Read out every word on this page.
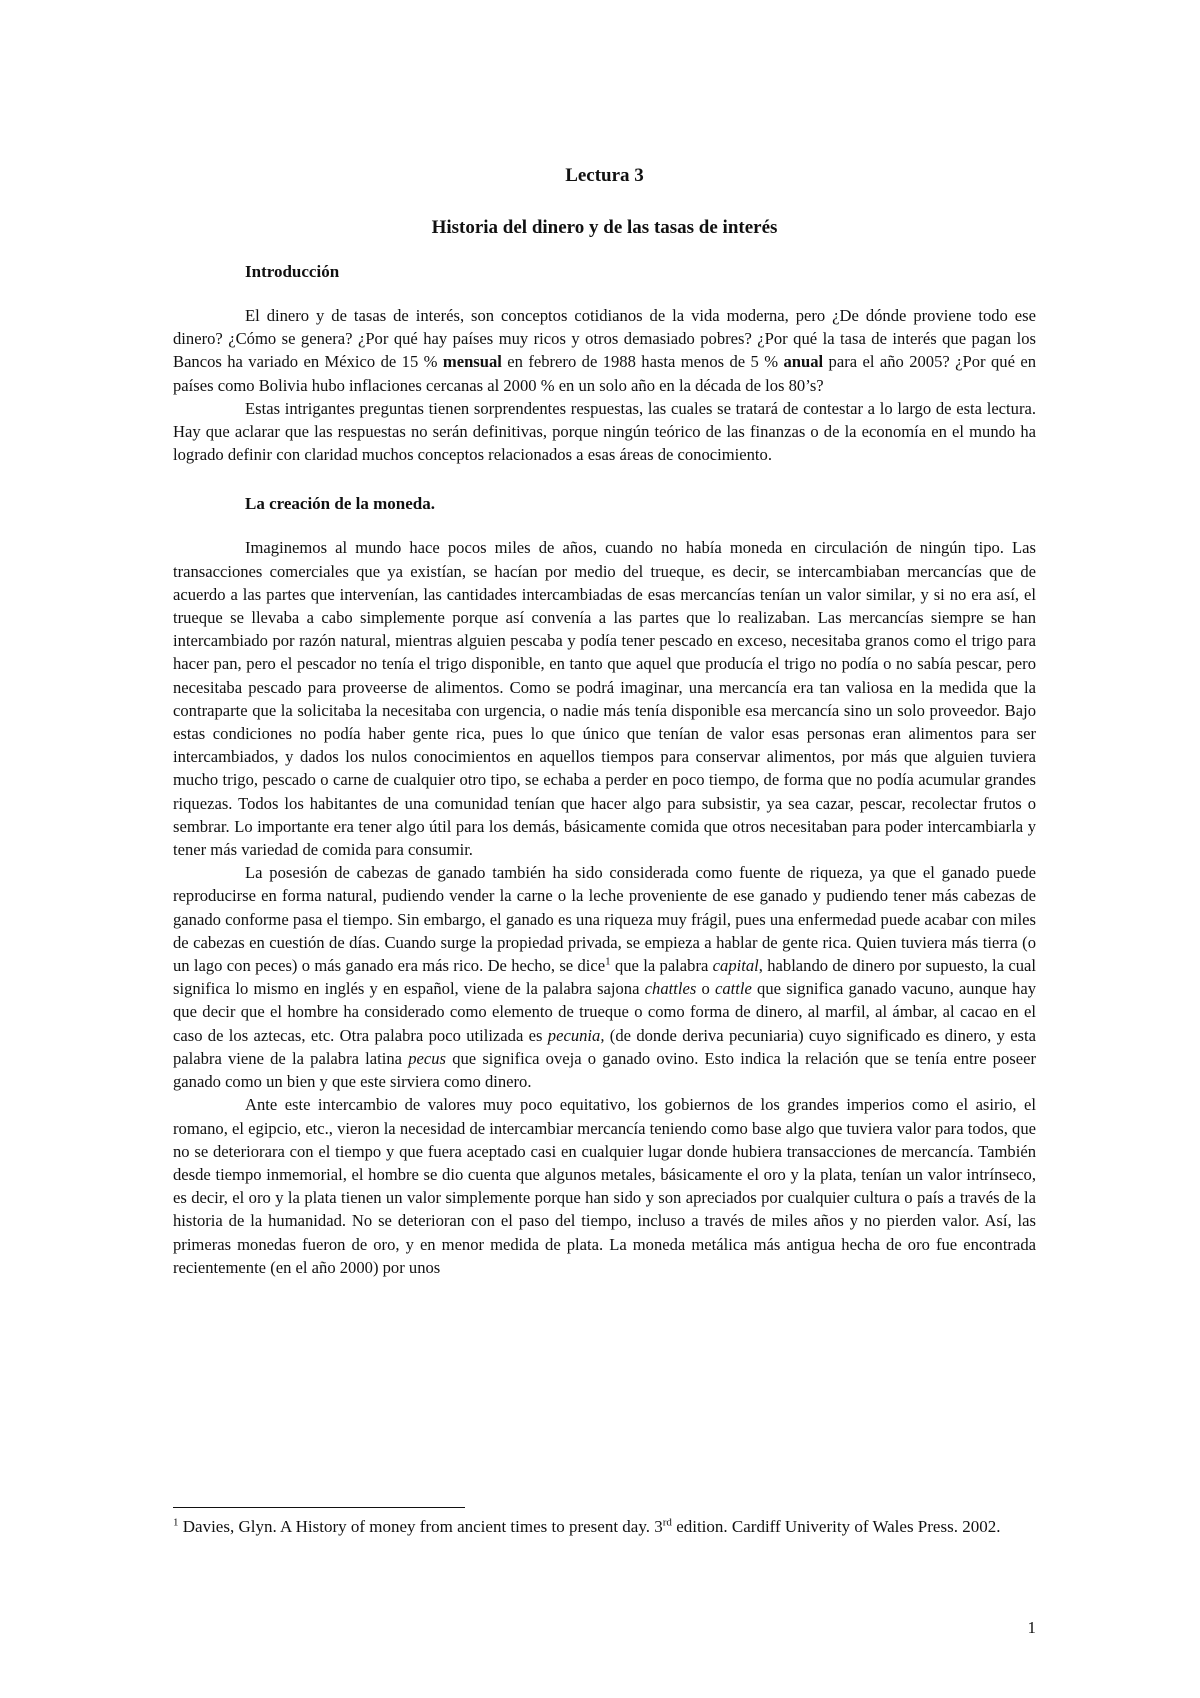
Lectura 3
Historia del dinero y de las tasas de interés
Introducción

El dinero y de tasas de interés, son conceptos cotidianos de la vida moderna, pero ¿De dónde proviene todo ese dinero? ¿Cómo se genera? ¿Por qué hay países muy ricos y otros demasiado pobres? ¿Por qué la tasa de interés que pagan los Bancos ha variado en México de 15 % mensual en febrero de 1988 hasta menos de 5 % anual para el año 2005? ¿Por qué en países como Bolivia hubo inflaciones cercanas al 2000 % en un solo año en la década de los 80’s?

Estas intrigantes preguntas tienen sorprendentes respuestas, las cuales se tratará de contestar a lo largo de esta lectura. Hay que aclarar que las respuestas no serán definitivas, porque ningún teórico de las finanzas o de la economía en el mundo ha logrado definir con claridad muchos conceptos relacionados a esas áreas de conocimiento.

La creación de la moneda.

Imaginemos al mundo hace pocos miles de años, cuando no había moneda en circulación de ningún tipo. Las transacciones comerciales que ya existían, se hacían por medio del trueque, es decir, se intercambiaban mercancías que de acuerdo a las partes que intervenían, las cantidades intercambiadas de esas mercancías tenían un valor similar, y si no era así, el trueque se llevaba a cabo simplemente porque así convenía a las partes que lo realizaban. Las mercancías siempre se han intercambiado por razón natural, mientras alguien pescaba y podía tener pescado en exceso, necesitaba granos como el trigo para hacer pan, pero el pescador no tenía el trigo disponible, en tanto que aquel que producía el trigo no podía o no sabía pescar, pero necesitaba pescado para proveerse de alimentos. Como se podrá imaginar, una mercancía era tan valiosa en la medida que la contraparte que la solicitaba la necesitaba con urgencia, o nadie más tenía disponible esa mercancía sino un solo proveedor. Bajo estas condiciones no podía haber gente rica, pues lo que único que tenían de valor esas personas eran alimentos para ser intercambiados, y dados los nulos conocimientos en aquellos tiempos para conservar alimentos, por más que alguien tuviera mucho trigo, pescado o carne de cualquier otro tipo, se echaba a perder en poco tiempo, de forma que no podía acumular grandes riquezas. Todos los habitantes de una comunidad tenían que hacer algo para subsistir, ya sea cazar, pescar, recolectar frutos o sembrar. Lo importante era tener algo útil para los demás, básicamente comida que otros necesitaban para poder intercambiarla y tener más variedad de comida para consumir.

La posesión de cabezas de ganado también ha sido considerada como fuente de riqueza, ya que el ganado puede reproducirse en forma natural, pudiendo vender la carne o la leche proveniente de ese ganado y pudiendo tener más cabezas de ganado conforme pasa el tiempo. Sin embargo, el ganado es una riqueza muy frágil, pues una enfermedad puede acabar con miles de cabezas en cuestión de días. Cuando surge la propiedad privada, se empieza a hablar de gente rica. Quien tuviera más tierra (o un lago con peces) o más ganado era más rico. De hecho, se dice$^1$ que la palabra capital, hablando de dinero por supuesto, la cual significa lo mismo en inglés y en español, viene de la palabra sajona chattles o cattle que significa ganado vacuno, aunque hay que decir que el hombre ha considerado como elemento de trueque o como forma de dinero, al marfil, al ámbar, al cacao en el caso de los aztecas, etc. Otra palabra poco utilizada es pecunia, (de donde deriva pecuniaria) cuyo significado es dinero, y esta palabra viene de la palabra latina pecus que significa oveja o ganado ovino. Esto indica la relación que se tenía entre poseer ganado como un bien y que este sirviera como dinero.

Ante este intercambio de valores muy poco equitativo, los gobiernos de los grandes imperios como el asirio, el romano, el egipcio, etc., vieron la necesidad de intercambiar mercancía teniendo como base algo que tuviera valor para todos, que no se deteriorara con el tiempo y que fuera aceptado casi en cualquier lugar donde hubiera transacciones de mercancía. También desde tiempo inmemorial, el hombre se dio cuenta que algunos metales, básicamente el oro y la plata, tenían un valor intrínseco, es decir, el oro y la plata tienen un valor simplemente porque han sido y son apreciados por cualquier cultura o país a través de la historia de la humanidad. No se deterioran con el paso del tiempo, incluso a través de miles años y no pierden valor. Así, las primeras monedas fueron de oro, y en menor medida de plata. La moneda metálica más antigua hecha de oro fue encontrada recientemente (en el año 2000) por unos

$^1$ Davies, Glyn. A History of money from ancient times to present day. 3rd edition. Cardiff Univerity of Wales Press. 2002.
1
